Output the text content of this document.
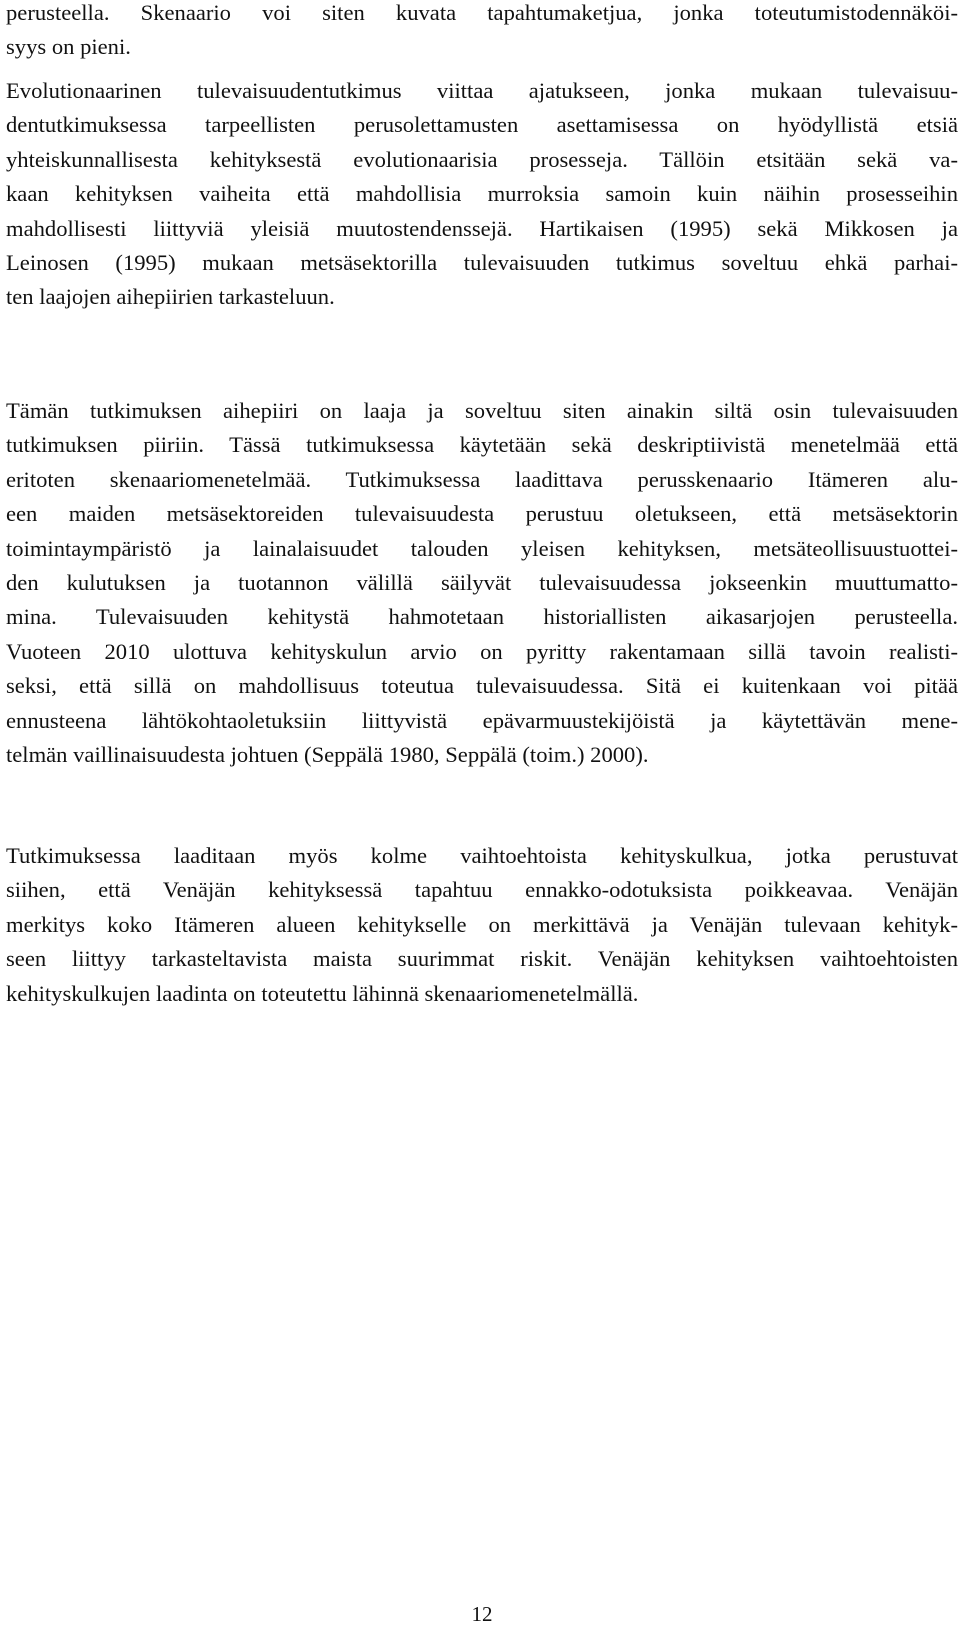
perusteella. Skenaario voi siten kuvata tapahtumaketjua, jonka toteutumistodennäköi-
syys on pieni.

Evolutionaarinen tulevaisuudentutkimus viittaa ajatukseen, jonka mukaan tulevaisuu-
dentutkimuksessa tarpeellisten perusolettamusten asettamisessa on hyödyllistä etsiä
yhteiskunnallisesta kehityksestä evolutionaarisia prosesseja. Tällöin etsitään sekä va-
kaan kehityksen vaiheita että mahdollisia murroksia samoin kuin näihin prosesseihin
mahdollisesti liittyviä yleisiä muutostendenssejä. Hartikaisen (1995) sekä Mikkosen ja
Leinosen (1995) mukaan metsäsektorilla tulevaisuuden tutkimus soveltuu ehkä parhai-
ten laajojen aihepiirien tarkasteluun.

Tämän tutkimuksen aihepiiri on laaja ja soveltuu siten ainakin siltä osin tulevaisuuden
tutkimuksen piiriin. Tässä tutkimuksessa käytetään sekä deskriptiivistä menetelmää että
eritoten skenaariomenetelmää. Tutkimuksessa laadittava perusskenaario Itämeren alu-
een maiden metsäsektoreiden tulevaisuudesta perustuu oletukseen, että metsäsektorin
toimintaympäristö ja lainalaisuudet talouden yleisen kehityksen, metsäteollisuustuottei-
den kulutuksen ja tuotannon välillä säilyvät tulevaisuudessa jokseenkin muuttumatto-
mina. Tulevaisuuden kehitystä hahmotetaan historiallisten aikasarjojen perusteella.
Vuoteen 2010 ulottuva kehityskulun arvio on pyritty rakentamaan sillä tavoin realisti-
seksi, että sillä on mahdollisuus toteutua tulevaisuudessa. Sitä ei kuitenkaan voi pitää
ennusteena lähtökohtaoletuksiin liittyvistä epävarmuustekijöistä ja käytettävän mene-
telmän vaillinaisuudesta johtuen (Seppälä 1980, Seppälä (toim.) 2000).

Tutkimuksessa laaditaan myös kolme vaihtoehtoista kehityskulkua, jotka perustuvat
siihen, että Venäjän kehityksessä tapahtuu ennakko-odotuksista poikkeavaa. Venäjän
merkitys koko Itämeren alueen kehitykselle on merkittävä ja Venäjän tulevaan kehityk-
seen liittyy tarkasteltavista maista suurimmat riskit. Venäjän kehityksen vaihtoehtoisten
kehityskulkujen laadinta on toteutettu lähinnä skenaariomenetelmällä.

12
